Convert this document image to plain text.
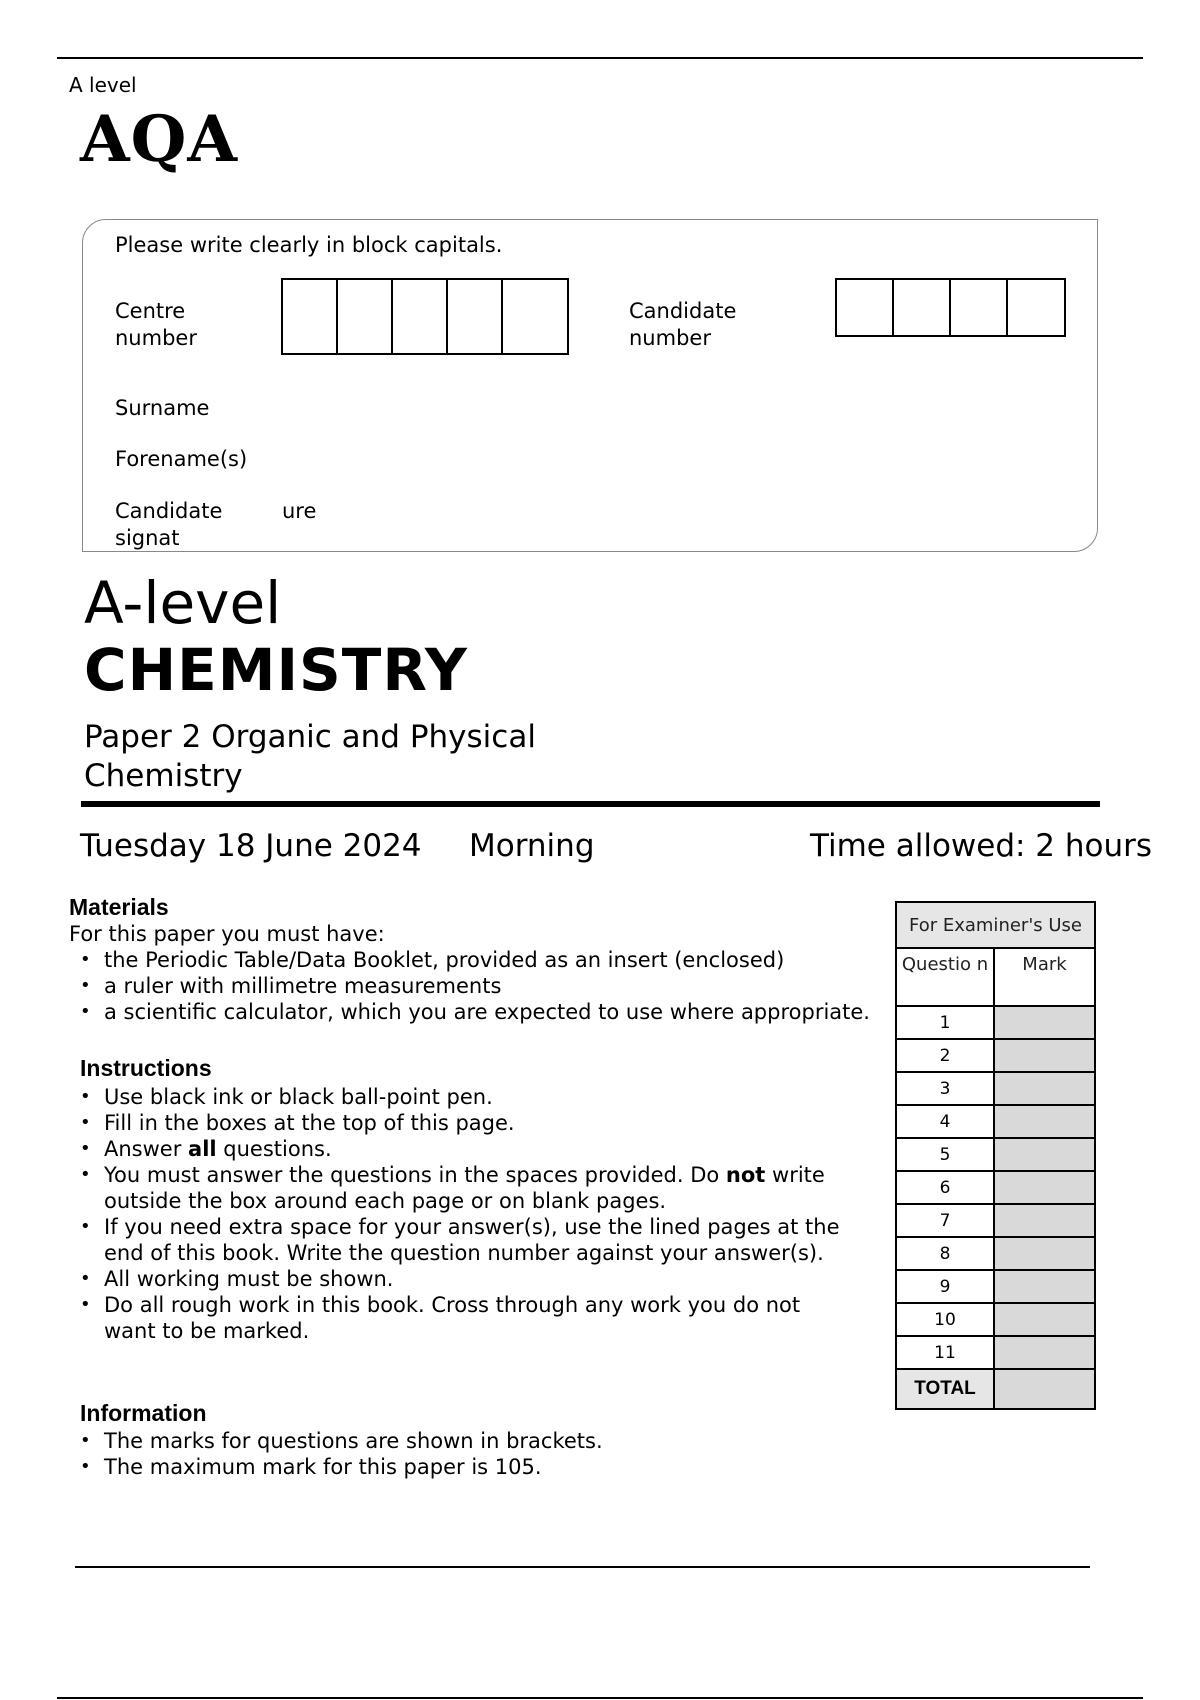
A level
AQA
Please write clearly in block capitals.
Centre
number
Candidate
number
Surname
Forename(s)
Candidate
signat
ure
A-level
CHEMISTRY
Paper 2 Organic and Physical
Chemistry
Tuesday 18 June 2024 Morning	Time allowed: 2 hours
Materials
For this paper you must have:
• the Periodic Table/Data Booklet, provided as an insert (enclosed)
• a ruler with millimetre measurements
• a scientific calculator, which you are expected to use where appropriate.
Instructions
• Use black ink or black ball-point pen.
• Fill in the boxes at the top of this page.
• Answer all questions.
• You must answer the questions in the spaces provided. Do not write outside the box around each page or on blank pages.
• If you need extra space for your answer(s), use the lined pages at the end of this book. Write the question number against your answer(s).
• All working must be shown.
• Do all rough work in this book. Cross through any work you do not want to be marked.
Information
• The marks for questions are shown in brackets.
• The maximum mark for this paper is 105.
For Examiner's Use	
Questio n	Mark
1	
2	
3	
4	
5	
6	
7	
8	
9	
10	
11	
TOTAL	
